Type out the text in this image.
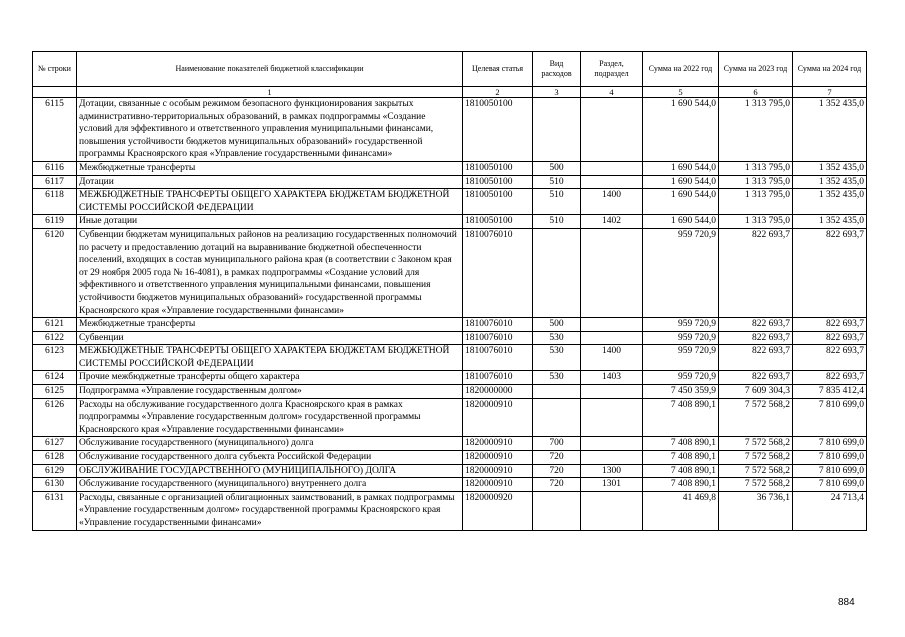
№ строки	Наименование показателей бюджетной классификации	Целевая статья	Вид расходов	Раздел, подраздел	Сумма на 2022 год	Сумма на 2023 год	Сумма на 2024 год
	1	2	3	4	5	6	7
6115	Дотации, связанные с особым режимом безопасного функционирования закрытых административно-территориальных образований, в рамках подпрограммы «Создание условий для эффективного и ответственного управления муниципальными финансами, повышения устойчивости бюджетов муниципальных образований» государственной программы Красноярского края «Управление государственными финансами»	1810050100			1 690 544,0	1 313 795,0	1 352 435,0
6116	Межбюджетные трансферты	1810050100	500		1 690 544,0	1 313 795,0	1 352 435,0
6117	Дотации	1810050100	510		1 690 544,0	1 313 795,0	1 352 435,0
6118	МЕЖБЮДЖЕТНЫЕ ТРАНСФЕРТЫ ОБЩЕГО ХАРАКТЕРА БЮДЖЕТАМ БЮДЖЕТНОЙ СИСТЕМЫ РОССИЙСКОЙ ФЕДЕРАЦИИ	1810050100	510	1400	1 690 544,0	1 313 795,0	1 352 435,0
6119	Иные дотации	1810050100	510	1402	1 690 544,0	1 313 795,0	1 352 435,0
6120	Субвенции бюджетам муниципальных районов на реализацию государственных полномочий по расчету и предоставлению дотаций на выравнивание бюджетной обеспеченности поселений, входящих в состав муниципального района края (в соответствии с Законом края от 29 ноября 2005 года № 16-4081), в рамках подпрограммы «Создание условий для эффективного и ответственного управления муниципальными финансами, повышения устойчивости бюджетов муниципальных образований» государственной программы Красноярского края «Управление государственными финансами»	1810076010			959 720,9	822 693,7	822 693,7
6121	Межбюджетные трансферты	1810076010	500		959 720,9	822 693,7	822 693,7
6122	Субвенции	1810076010	530		959 720,9	822 693,7	822 693,7
6123	МЕЖБЮДЖЕТНЫЕ ТРАНСФЕРТЫ ОБЩЕГО ХАРАКТЕРА БЮДЖЕТАМ БЮДЖЕТНОЙ СИСТЕМЫ РОССИЙСКОЙ ФЕДЕРАЦИИ	1810076010	530	1400	959 720,9	822 693,7	822 693,7
6124	Прочие межбюджетные трансферты общего характера	1810076010	530	1403	959 720,9	822 693,7	822 693,7
6125	Подпрограмма «Управление государственным долгом»	1820000000			7 450 359,9	7 609 304,3	7 835 412,4
6126	Расходы на обслуживание государственного долга Красноярского края в рамках подпрограммы «Управление государственным долгом» государственной программы Красноярского края «Управление государственными финансами»	1820000910			7 408 890,1	7 572 568,2	7 810 699,0
6127	Обслуживание государственного (муниципального) долга	1820000910	700		7 408 890,1	7 572 568,2	7 810 699,0
6128	Обслуживание государственного долга субъекта Российской Федерации	1820000910	720		7 408 890,1	7 572 568,2	7 810 699,0
6129	ОБСЛУЖИВАНИЕ ГОСУДАРСТВЕННОГО (МУНИЦИПАЛЬНОГО) ДОЛГА	1820000910	720	1300	7 408 890,1	7 572 568,2	7 810 699,0
6130	Обслуживание государственного (муниципального) внутреннего долга	1820000910	720	1301	7 408 890,1	7 572 568,2	7 810 699,0
6131	Расходы, связанные с организацией облигационных заимствований, в рамках подпрограммы «Управление государственным долгом» государственной программы Красноярского края «Управление государственными финансами»	1820000920			41 469,8	36 736,1	24 713,4
884
